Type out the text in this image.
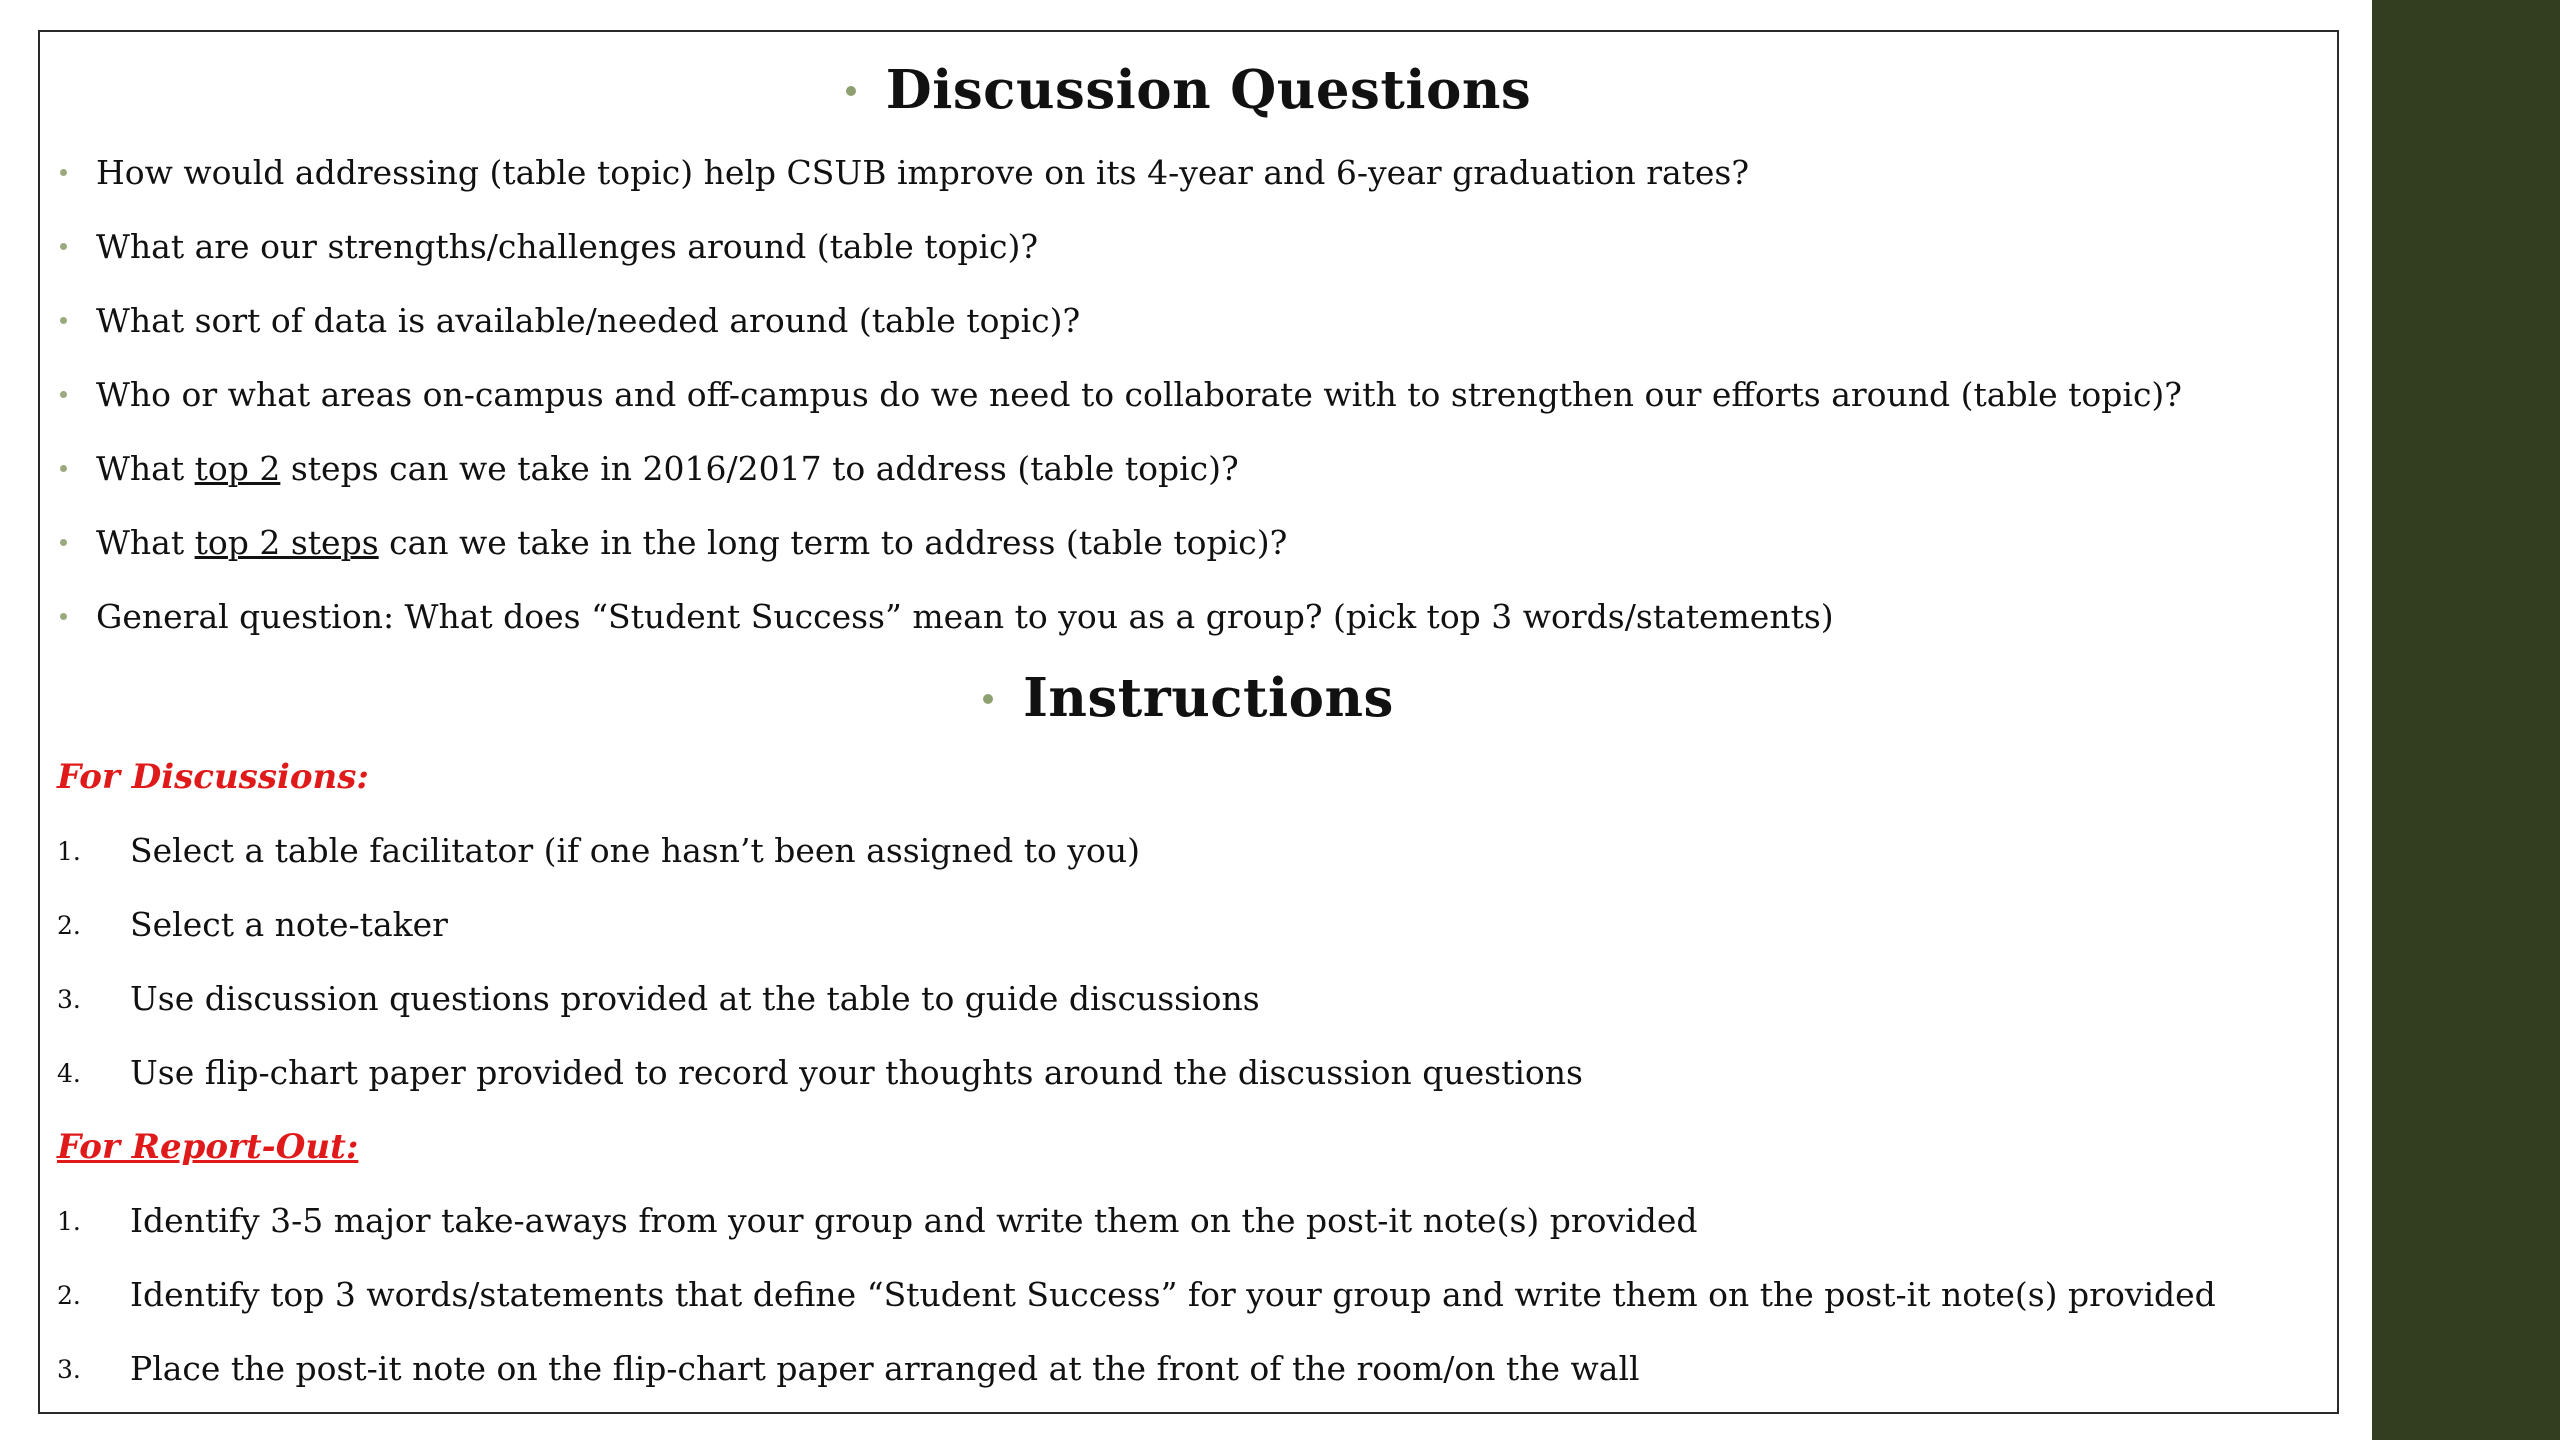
Discussion Questions
How would addressing (table topic) help CSUB improve on its 4-year and 6-year graduation rates?
What are our strengths/challenges around (table topic)?
What sort of data is available/needed around (table topic)?
Who or what areas on-campus and off-campus do we need to collaborate with to strengthen our efforts around (table topic)?
What top 2 steps can we take in 2016/2017 to address (table topic)?
What top 2 steps can we take in the long term to address (table topic)?
General question: What does “Student Success” mean to you as a group? (pick top 3 words/statements)
Instructions
For Discussions:
1. Select a table facilitator (if one hasn’t been assigned to you)
2. Select a note-taker
3. Use discussion questions provided at the table to guide discussions
4. Use flip-chart paper provided to record your thoughts around the discussion questions
For Report-Out:
1. Identify 3-5 major take-aways from your group and write them on the post-it note(s) provided
2. Identify top 3 words/statements that define “Student Success” for your group and write them on the post-it note(s) provided
3. Place the post-it note on the flip-chart paper arranged at the front of the room/on the wall
